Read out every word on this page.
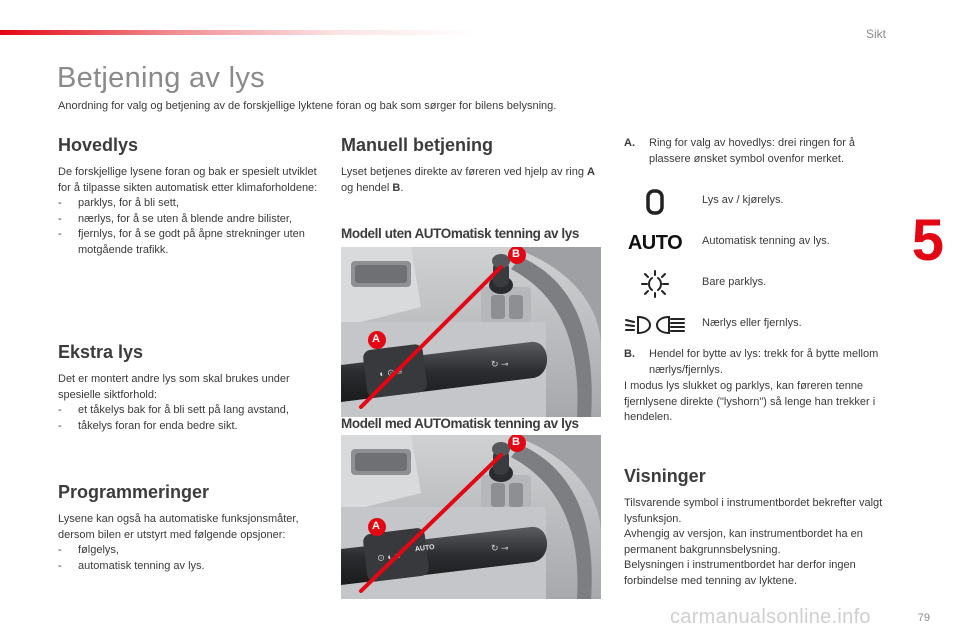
Sikt
5
Betjening av lys

Anordning for valg og betjening av de forskjellige lyktene foran og bak som sørger for bilens belysning.

Hovedlys

De forskjellige lysene foran og bak er spesielt utviklet for å tilpasse sikten automatisk etter klimaforholdene:

- parklys, for å bli sett,
- nærlys, for å se uten å blende andre bilister,
- fjernlys, for å se godt på åpne strekninger uten motgående trafikk.
Ekstra lys

Det er montert andre lys som skal brukes under spesielle siktforhold:

- et tåkelys bak for å bli sett på lang avstand,
- tåkelys foran for enda bedre sikt.
Programmeringer

Lysene kan også ha automatiske funksjonsmåter, dersom bilen er utstyrt med følgende opsjoner:

- følgelys,
- automatisk tenning av lys.
Manuell betjening

Lyset betjenes direkte av føreren ved hjelp av ring A og hendel B.

Modell uten AUTOmatisk tenning av lys
◐ ⊙ ≡
↻ ⊸
A
B
Modell med AUTOmatisk tenning av lys
⊙ ◐ ≡
↻ ⊸
A
B
AUTO
A.	Ring for valg av hovedlys: drei ringen for å plassere ønsket symbol ovenfor merket.
Lys av / kjørelys.
AUTO Automatisk tenning av lys.
Bare parklys.
Nærlys eller fjernlys.
B.	Hendel for bytte av lys: trekk for å bytte mellom nærlys/fjernlys.

I modus lys slukket og parklys, kan føreren tenne fjernlysene direkte ("lyshorn") så lenge han trekker i hendelen.

Visninger

Tilsvarende symbol i instrumentbordet bekrefter valgt lysfunksjon.
Avhengig av versjon, kan instrumentbordet ha en permanent bakgrunnsbelysning.
Belysningen i instrumentbordet har derfor ingen forbindelse med tenning av lyktene.

carmanualsonline.info	79
